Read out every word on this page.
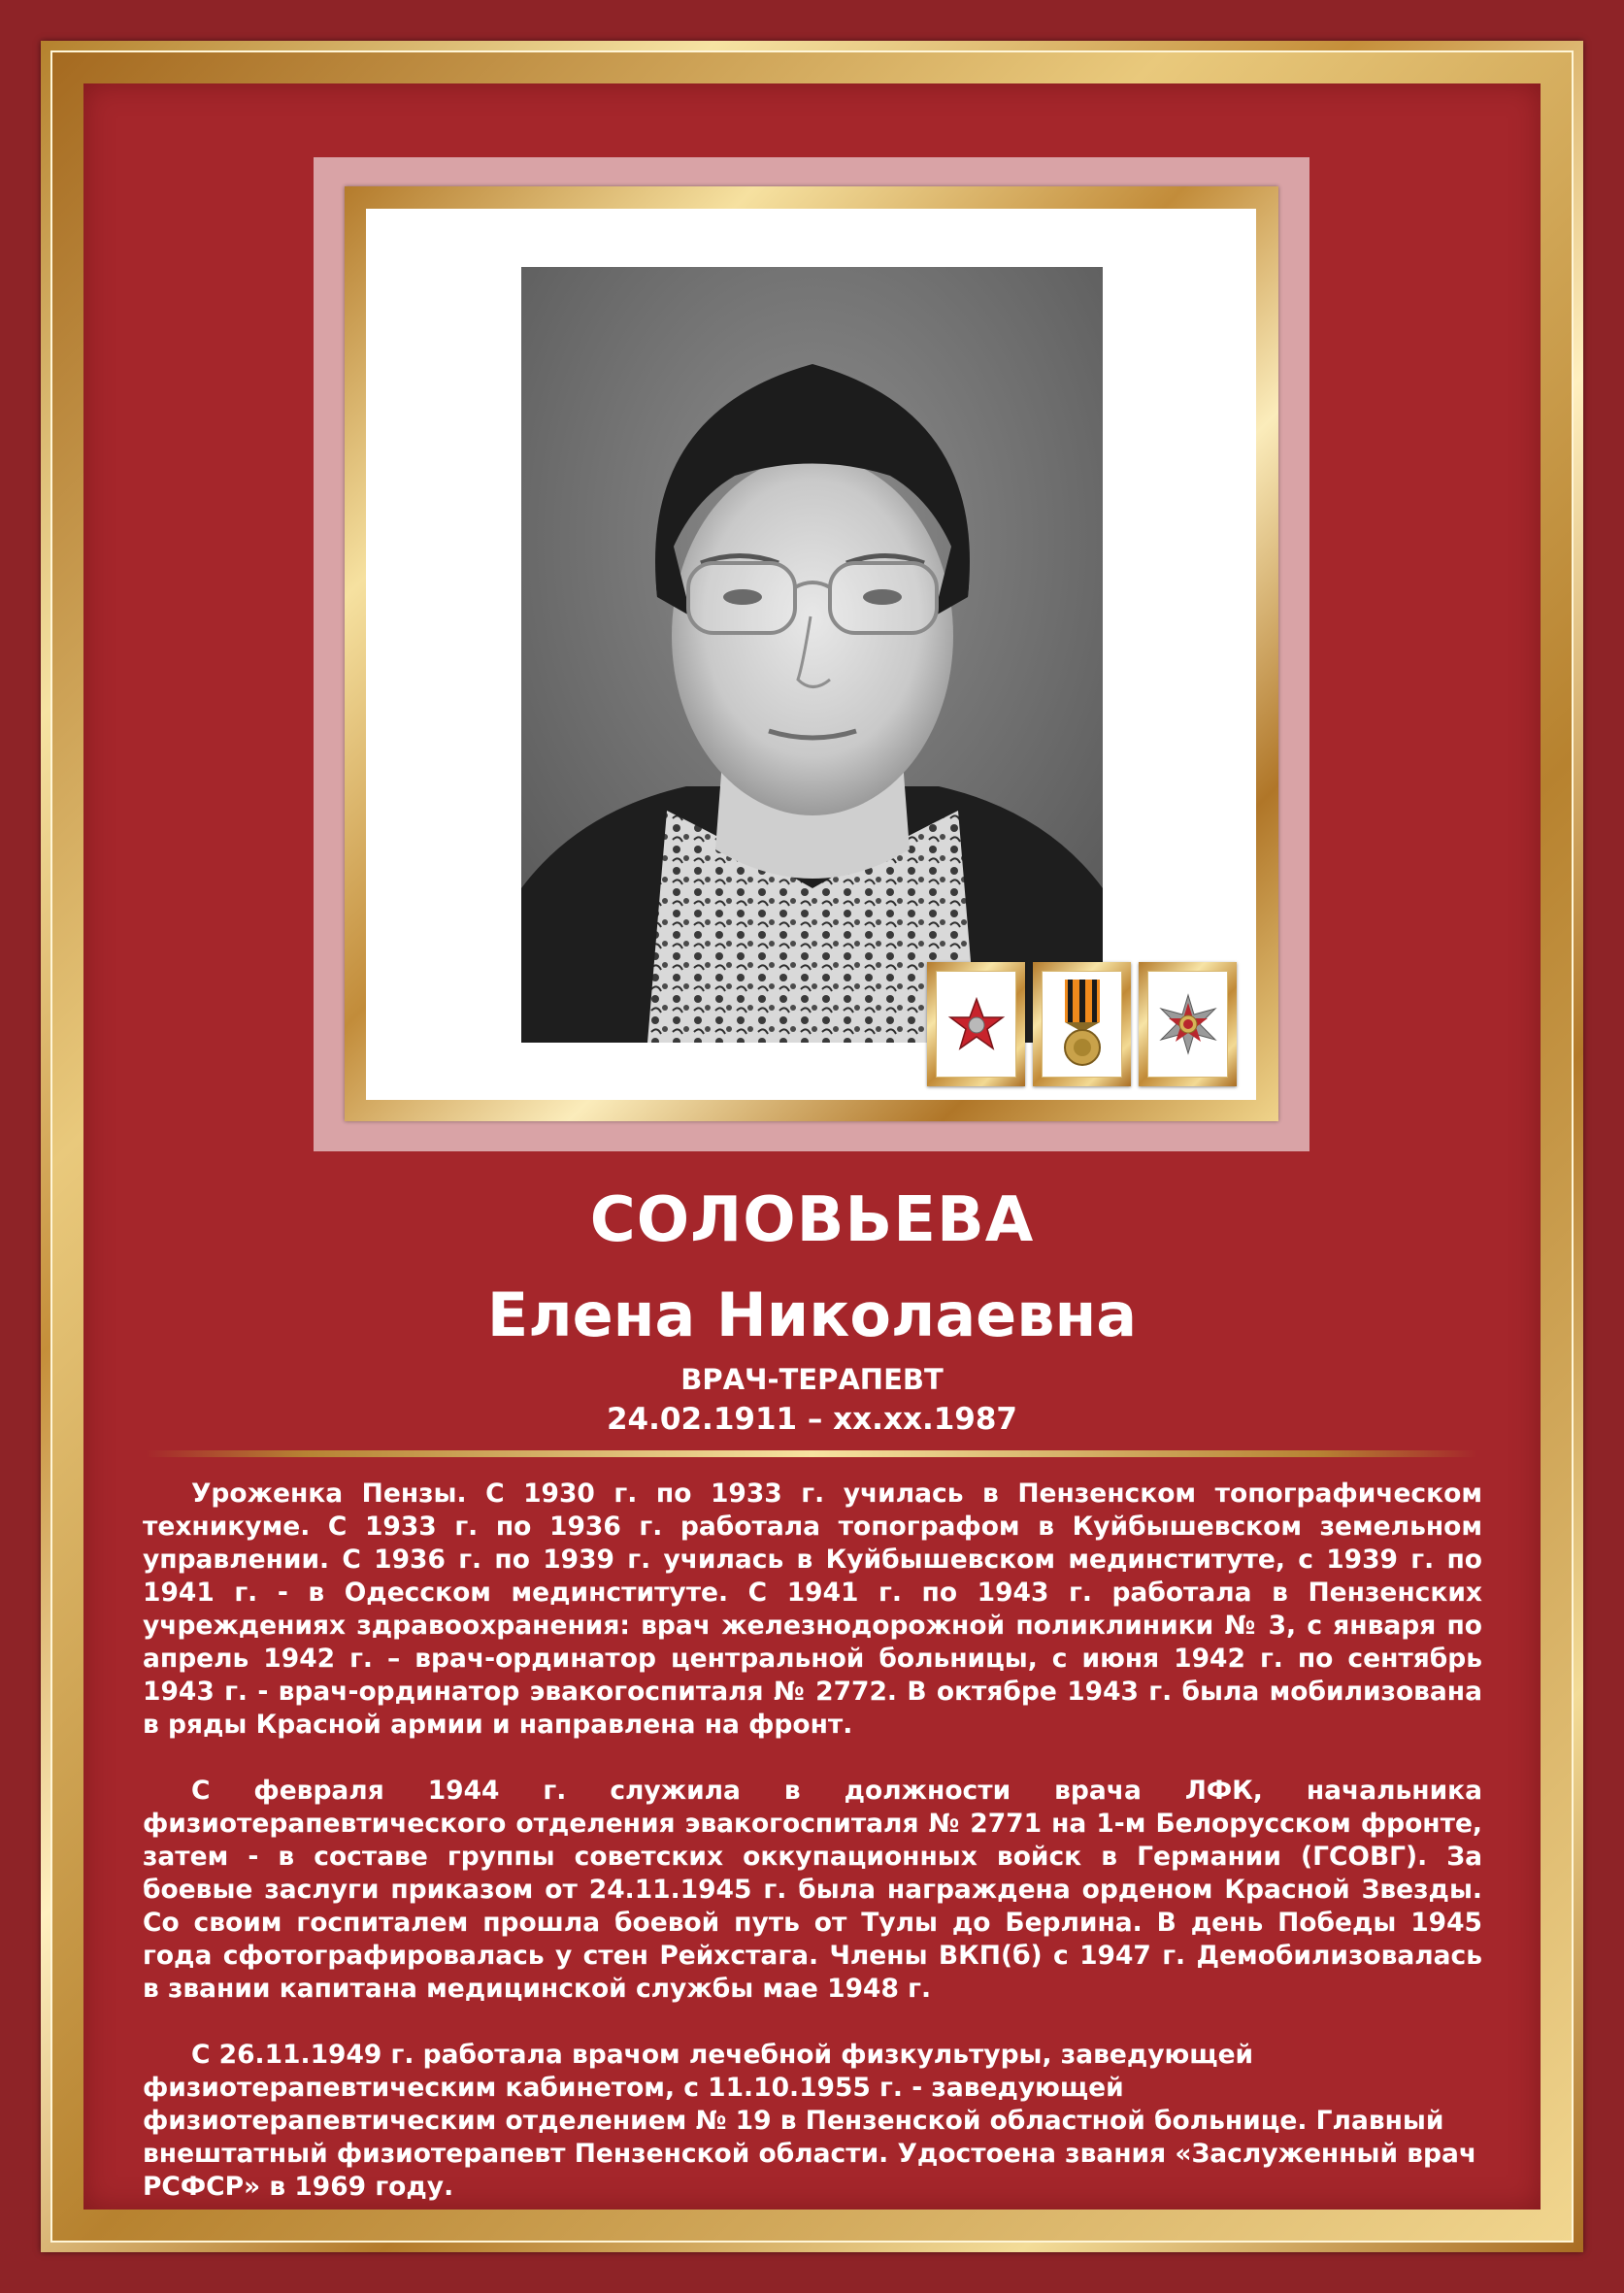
СОЛОВЬЕВА
Елена Николаевна
ВРАЧ-ТЕРАПЕВТ
24.02.1911 – хх.хх.1987

Уроженка Пензы. С 1930 г. по 1933 г. училась в Пензенском топографическом техникуме. С 1933 г. по 1936 г. работала топографом в Куйбышевском земельном управлении. С 1936 г. по 1939 г. училась в Куйбышевском мединституте, с 1939 г. по 1941 г. - в Одесском мединституте. С 1941 г. по 1943 г. работала в Пензенских учреждениях здравоохранения: врач железнодорожной поликлиники № 3, с января по апрель 1942 г. – врач-ординатор центральной больницы, с июня 1942 г. по сентябрь 1943 г. - врач-ординатор эвакогоспиталя № 2772. В октябре 1943 г. была мобилизована в ряды Красной армии и направлена на фронт.

С февраля 1944 г. служила в должности врача ЛФК, начальника физиотерапевтического отделения эвакогоспиталя № 2771 на 1-м Белорусском фронте, затем - в составе группы советских оккупационных войск в Германии (ГСОВГ). За боевые заслуги приказом от 24.11.1945 г. была награждена орденом Красной Звезды. Со своим госпиталем прошла боевой путь от Тулы до Берлина. В день Победы 1945 года сфотографировалась у стен Рейхстага. Члены ВКП(б) с 1947 г. Демобилизовалась в звании капитана медицинской службы мае 1948 г.

С 26.11.1949 г. работала врачом лечебной физкультуры, заведующей физиотерапевтическим кабинетом, с 11.10.1955 г. - заведующей физиотерапевтическим отделением № 19 в Пензенской областной больнице. Главный внештатный физиотерапевт Пензенской области. Удостоена звания «Заслуженный врач РСФСР» в 1969 году.
